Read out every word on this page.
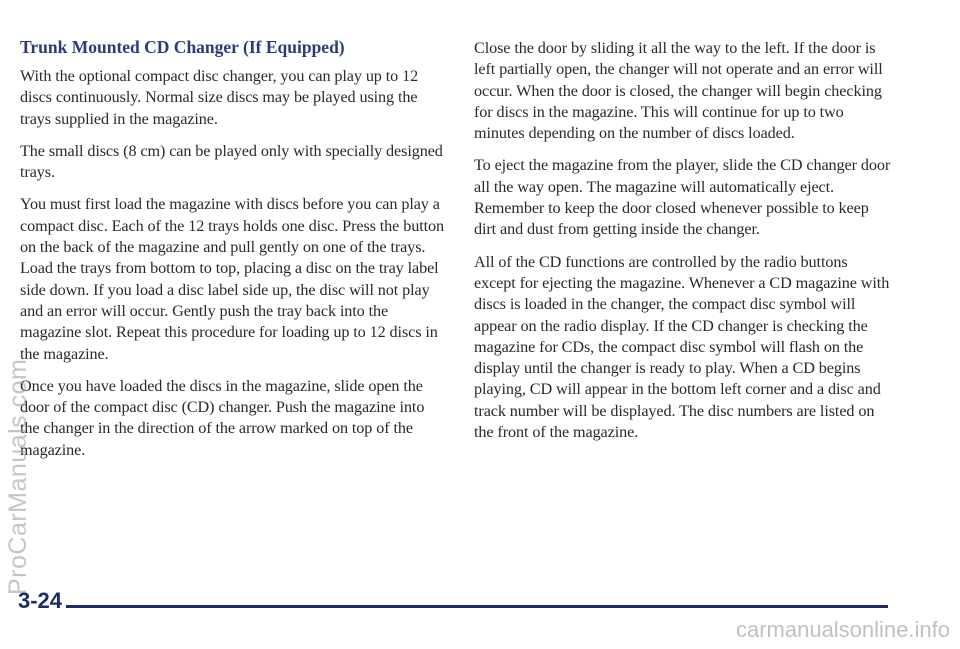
Trunk Mounted CD Changer (If Equipped)

With the optional compact disc changer, you can play up to 12 discs continuously. Normal size discs may be played using the trays supplied in the magazine.

The small discs (8 cm) can be played only with specially designed trays.

You must first load the magazine with discs before you can play a compact disc. Each of the 12 trays holds one disc. Press the button on the back of the magazine and pull gently on one of the trays. Load the trays from bottom to top, placing a disc on the tray label side down. If you load a disc label side up, the disc will not play and an error will occur. Gently push the tray back into the magazine slot. Repeat this procedure for loading up to 12 discs in the magazine.

Once you have loaded the discs in the magazine, slide open the door of the compact disc (CD) changer. Push the magazine into the changer in the direction of the arrow marked on top of the magazine.

Close the door by sliding it all the way to the left. If the door is left partially open, the changer will not operate and an error will occur. When the door is closed, the changer will begin checking for discs in the magazine. This will continue for up to two minutes depending on the number of discs loaded.

To eject the magazine from the player, slide the CD changer door all the way open. The magazine will automatically eject. Remember to keep the door closed whenever possible to keep dirt and dust from getting inside the changer.

All of the CD functions are controlled by the radio buttons except for ejecting the magazine. Whenever a CD magazine with discs is loaded in the changer, the compact disc symbol will appear on the radio display. If the CD changer is checking the magazine for CDs, the compact disc symbol will flash on the display until the changer is ready to play. When a CD begins playing, CD will appear in the bottom left corner and a disc and track number will be displayed. The disc numbers are listed on the front of the magazine.

ProCarManuals.com
3-24
carmanualsonline.info
